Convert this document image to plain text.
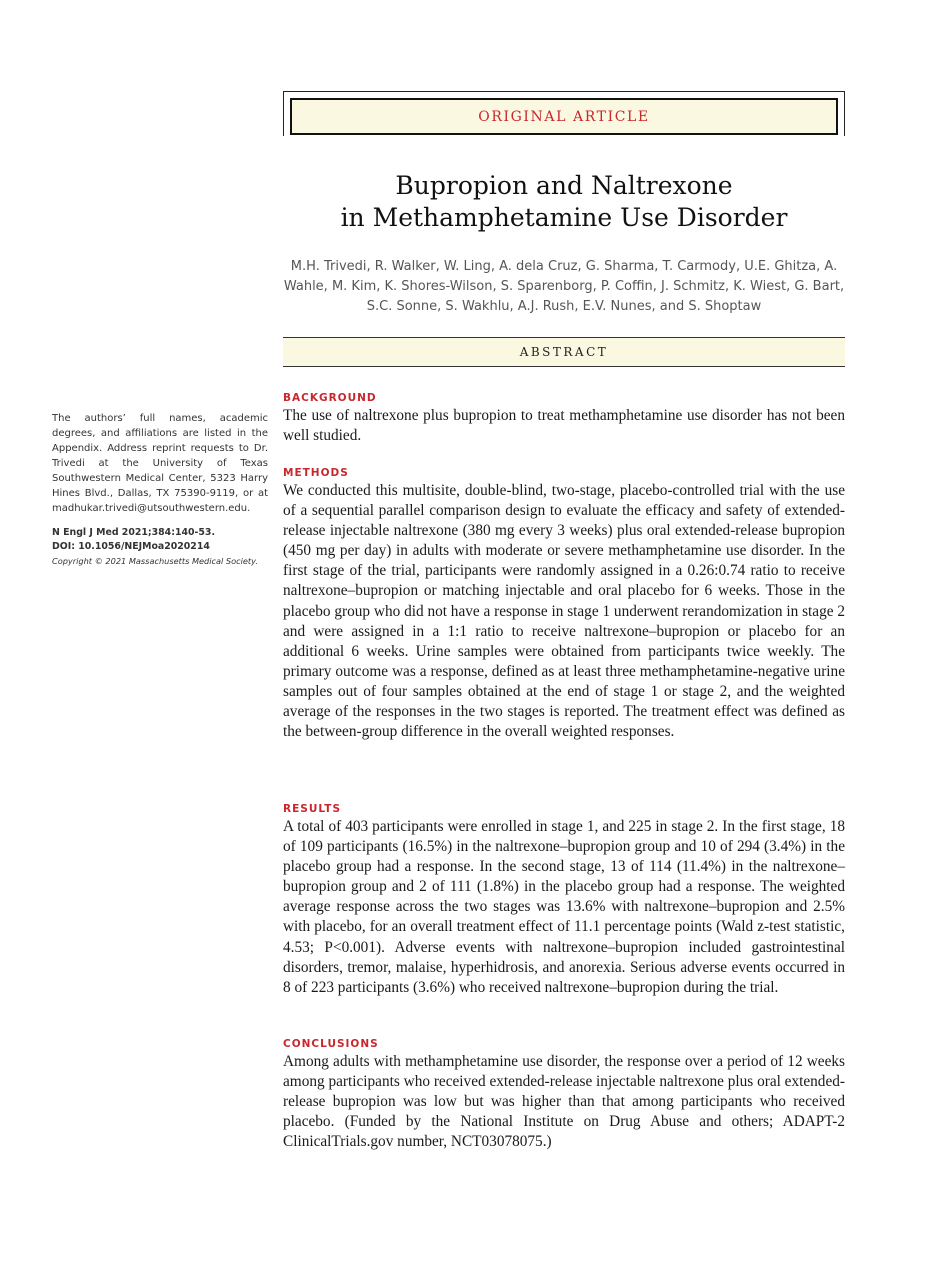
ORIGINAL ARTICLE
Bupropion and Naltrexone
in Methamphetamine Use Disorder
M.H. Trivedi, R. Walker, W. Ling, A. dela Cruz, G. Sharma, T. Carmody, U.E. Ghitza, A. Wahle, M. Kim, K. Shores-Wilson, S. Sparenborg, P. Coffin, J. Schmitz, K. Wiest, G. Bart, S.C. Sonne, S. Wakhlu, A.J. Rush, E.V. Nunes, and S. Shoptaw
ABSTRACT

The authors’ full names, academic degrees, and affiliations are listed in the Appendix. Address reprint requests to Dr. Trivedi at the University of Texas Southwestern Medical Center, 5323 Harry Hines Blvd., Dallas, TX 75390-9119, or at madhukar.trivedi@utsouthwestern.edu.

N Engl J Med 2021;384:140-53.
DOI: 10.1056/NEJMoa2020214
Copyright © 2021 Massachusetts Medical Society.
BACKGROUND

The use of naltrexone plus bupropion to treat methamphetamine use disorder has not been well studied.

METHODS

We conducted this multisite, double-blind, two-stage, placebo-controlled trial with the use of a sequential parallel comparison design to evaluate the efficacy and safety of extended-release injectable naltrexone (380 mg every 3 weeks) plus oral extended-release bupropion (450 mg per day) in adults with moderate or severe methamphetamine use disorder. In the first stage of the trial, participants were randomly assigned in a 0.26:0.74 ratio to receive naltrexone–bupropion or matching injectable and oral placebo for 6 weeks. Those in the placebo group who did not have a response in stage 1 underwent rerandomization in stage 2 and were assigned in a 1:1 ratio to receive naltrexone–bupropion or placebo for an additional 6 weeks. Urine samples were obtained from participants twice weekly. The primary outcome was a response, defined as at least three methamphetamine-negative urine samples out of four samples obtained at the end of stage 1 or stage 2, and the weighted average of the responses in the two stages is reported. The treatment effect was defined as the between-group difference in the overall weighted responses.

RESULTS

A total of 403 participants were enrolled in stage 1, and 225 in stage 2. In the first stage, 18 of 109 participants (16.5%) in the naltrexone–bupropion group and 10 of 294 (3.4%) in the placebo group had a response. In the second stage, 13 of 114 (11.4%) in the naltrexone–bupropion group and 2 of 111 (1.8%) in the placebo group had a response. The weighted average response across the two stages was 13.6% with naltrexone–bupropion and 2.5% with placebo, for an overall treatment effect of 11.1 percentage points (Wald z-test statistic, 4.53; P<0.001). Adverse events with naltrexone–bupropion included gastrointestinal disorders, tremor, malaise, hyperhidrosis, and anorexia. Serious adverse events occurred in 8 of 223 participants (3.6%) who received naltrexone–bupropion during the trial.

CONCLUSIONS

Among adults with methamphetamine use disorder, the response over a period of 12 weeks among participants who received extended-release injectable naltrexone plus oral extended-release bupropion was low but was higher than that among participants who received placebo. (Funded by the National Institute on Drug Abuse and others; ADAPT-2 ClinicalTrials.gov number, NCT03078075.)
